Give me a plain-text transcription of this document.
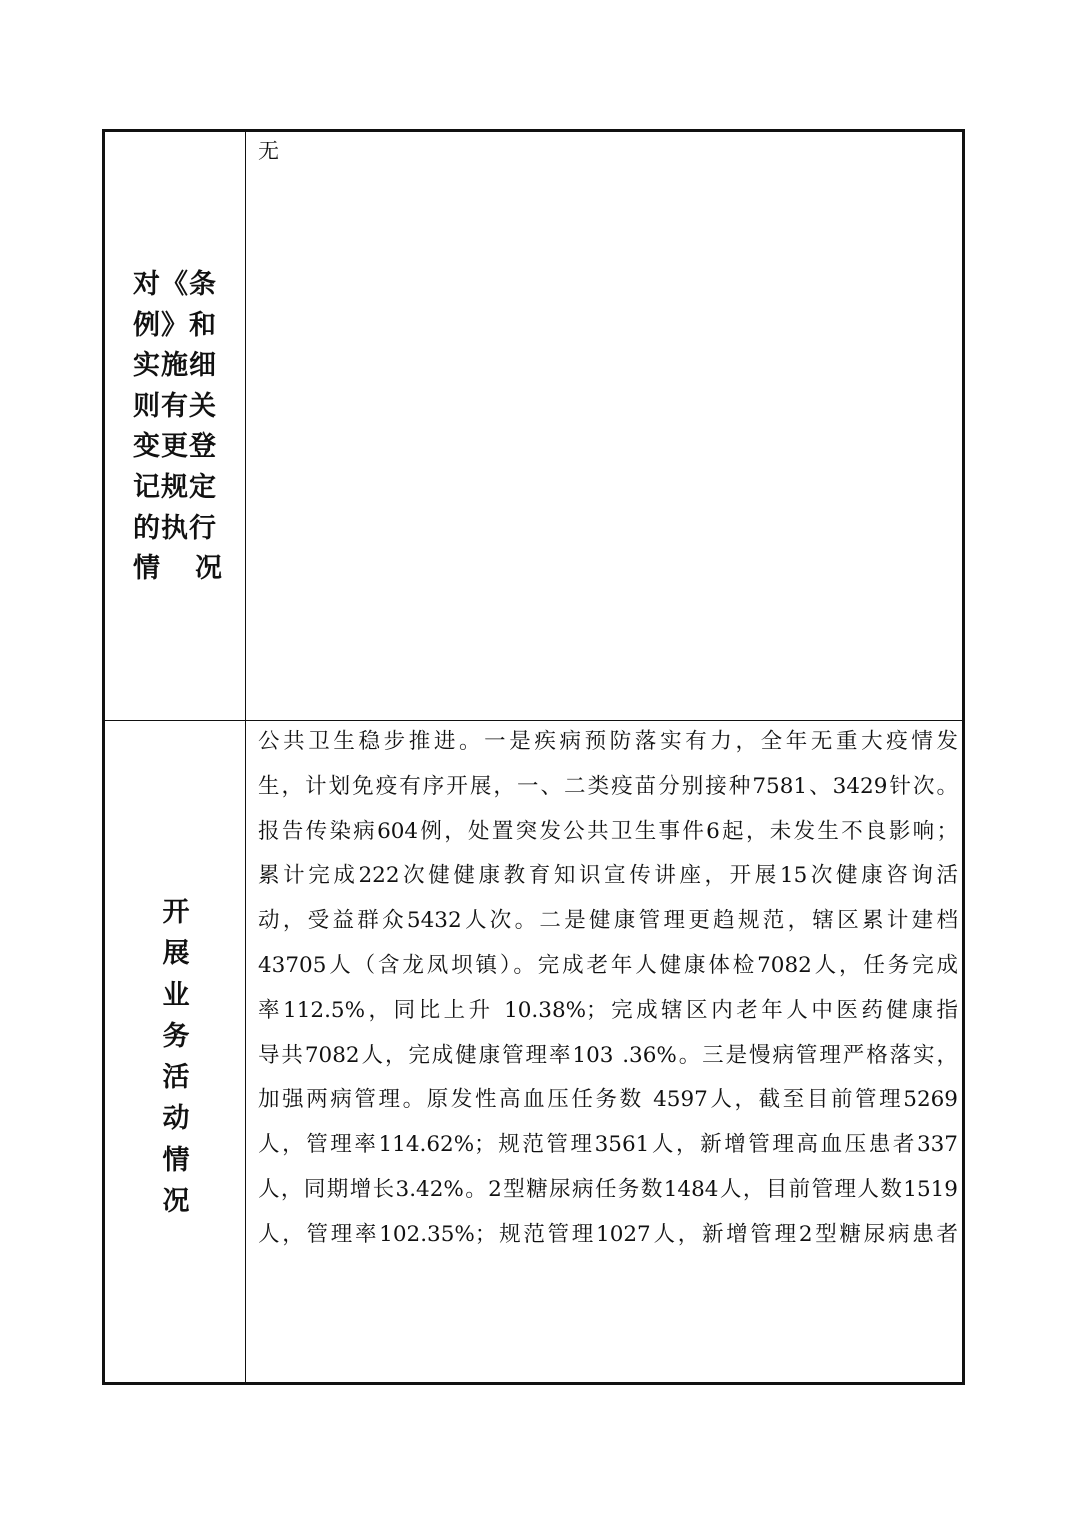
对《条
例》和
实施细
则有关
变更登
记规定
的执行
情 况
无
开
展
业
务
活
动
情
况
公共卫生稳步推进。一是疾病预防落实有力，全年无重大疫情发
生，计划免疫有序开展，一、二类疫苗分别接种7581、3429针次。
报告传染病604例，处置突发公共卫生事件6起，未发生不良影响；
累计完成222次健健康教育知识宣传讲座，开展15次健康咨询活
动，受益群众5432人次。二是健康管理更趋规范，辖区累计建档
43705人（含龙凤坝镇）。完成老年人健康体检7082人，任务完成
率112.5%，同比上升 10.38%；完成辖区内老年人中医药健康指
导共7082人，完成健康管理率103 .36%。三是慢病管理严格落实，
加强两病管理。原发性高血压任务数 4597人，截至目前管理5269
人，管理率114.62%；规范管理3561人，新增管理高血压患者337
人，同期增长3.42%。2型糖尿病任务数1484人，目前管理人数1519
人，管理率102.35%；规范管理1027人，新增管理2型糖尿病患者
